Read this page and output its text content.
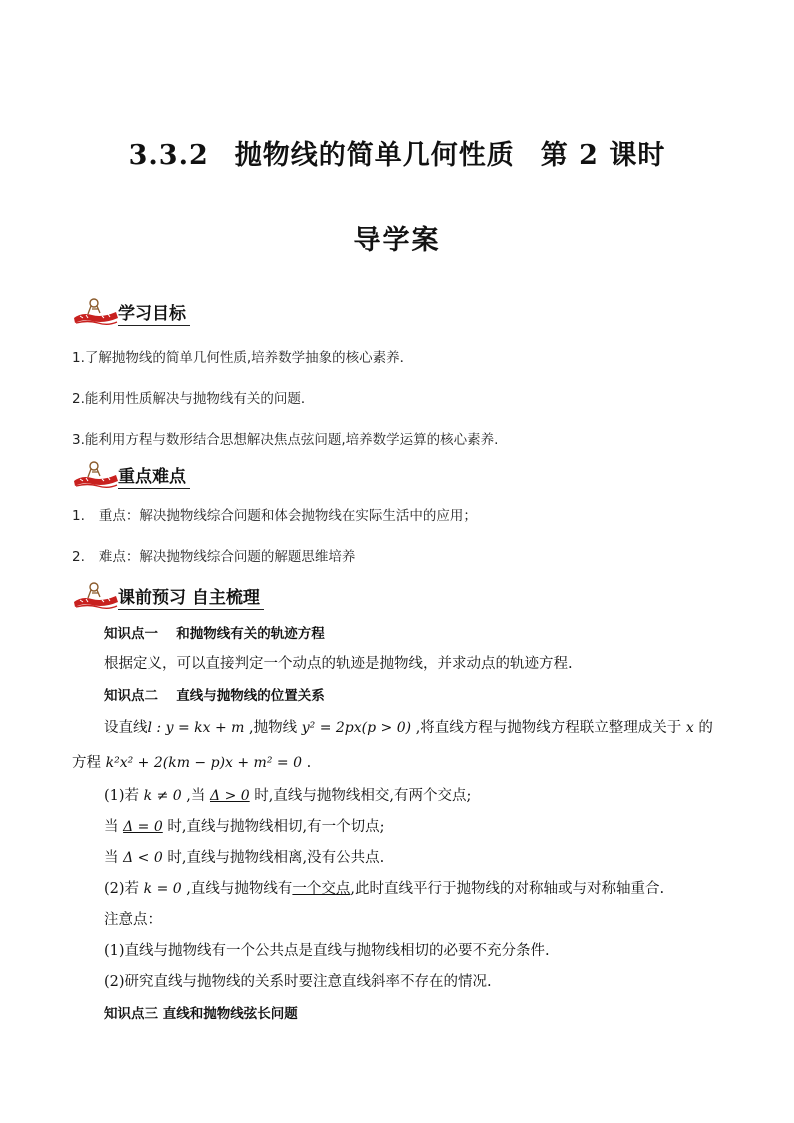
3.3.2 抛物线的简单几何性质 第 2 课时
导学案
学习目标
1.了解抛物线的简单几何性质,培养数学抽象的核心素养．
2.能利用性质解决与抛物线有关的问题．
3.能利用方程与数形结合思想解决焦点弦问题,培养数学运算的核心素养.
重点难点
1. 重点：解决抛物线综合问题和体会抛物线在实际生活中的应用；
2. 难点：解决抛物线综合问题的解题思维培养
课前预习 自主梳理
知识点一　 和抛物线有关的轨迹方程
根据定义，可以直接判定一个动点的轨迹是抛物线，并求动点的轨迹方程.
知识点二　 直线与抛物线的位置关系
设直线l : y = kx + m ,抛物线 y² = 2px(p > 0) ,将直线方程与抛物线方程联立整理成关于 x 的
方程 k²x² + 2(km − p)x + m² = 0 .
(1)若 k ≠ 0 ,当 Δ > 0 时,直线与抛物线相交,有两个交点;
当 Δ = 0 时,直线与抛物线相切,有一个切点;
当 Δ < 0 时,直线与抛物线相离,没有公共点.
(2)若 k = 0 ,直线与抛物线有一个交点,此时直线平行于抛物线的对称轴或与对称轴重合.
注意点：
(1)直线与抛物线有一个公共点是直线与抛物线相切的必要不充分条件.
(2)研究直线与抛物线的关系时要注意直线斜率不存在的情况.
知识点三 直线和抛物线弦长问题
